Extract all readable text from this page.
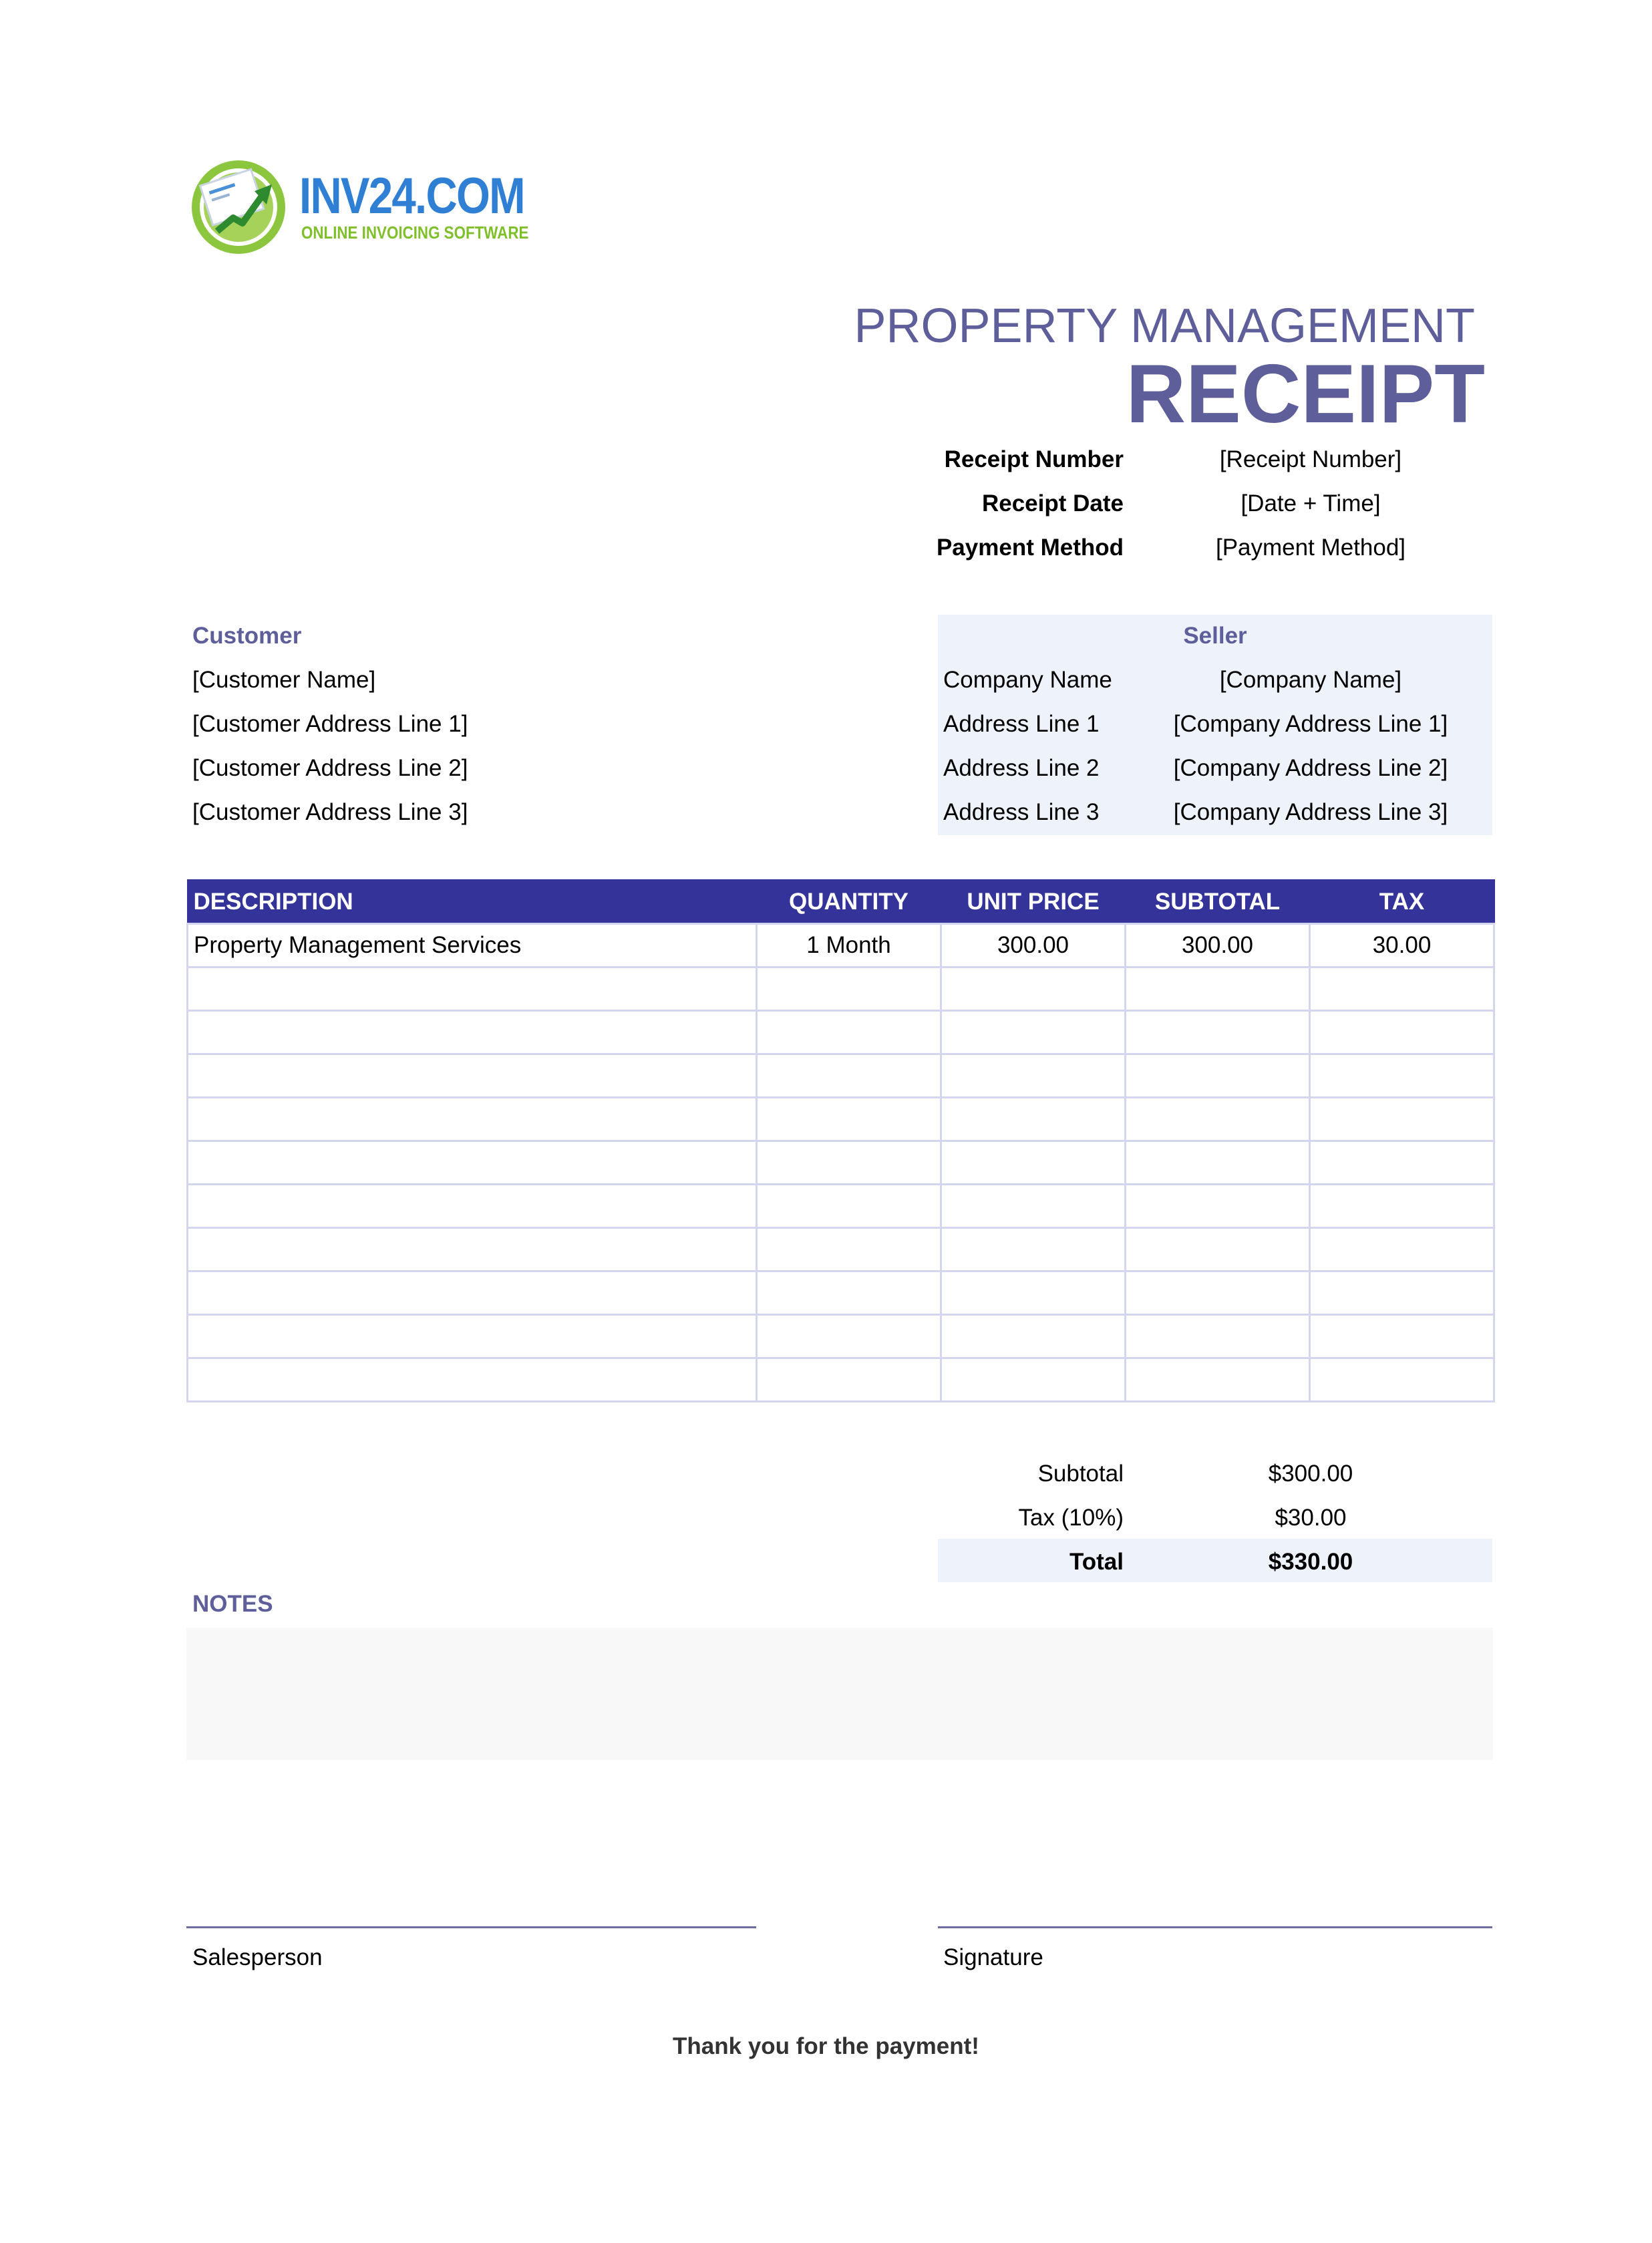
INV24.COM
ONLINE INVOICING SOFTWARE
PROPERTY MANAGEMENT
RECEIPT
Receipt Number	[Receipt Number]
Receipt Date	[Date + Time]
Payment Method	[Payment Method]
Customer
[Customer Name]
[Customer Address Line 1]
[Customer Address Line 2]
[Customer Address Line 3]
Seller
Company Name	[Company Name]
Address Line 1	[Company Address Line 1]
Address Line 2	[Company Address Line 2]
Address Line 3	[Company Address Line 3]
DESCRIPTION	QUANTITY	UNIT PRICE	SUBTOTAL	TAX
Property Management Services	1 Month	300.00	300.00	30.00

Subtotal	$300.00
Tax (10%)	$30.00
Total	$330.00
NOTES
Salesperson	Signature
Thank you for the payment!
